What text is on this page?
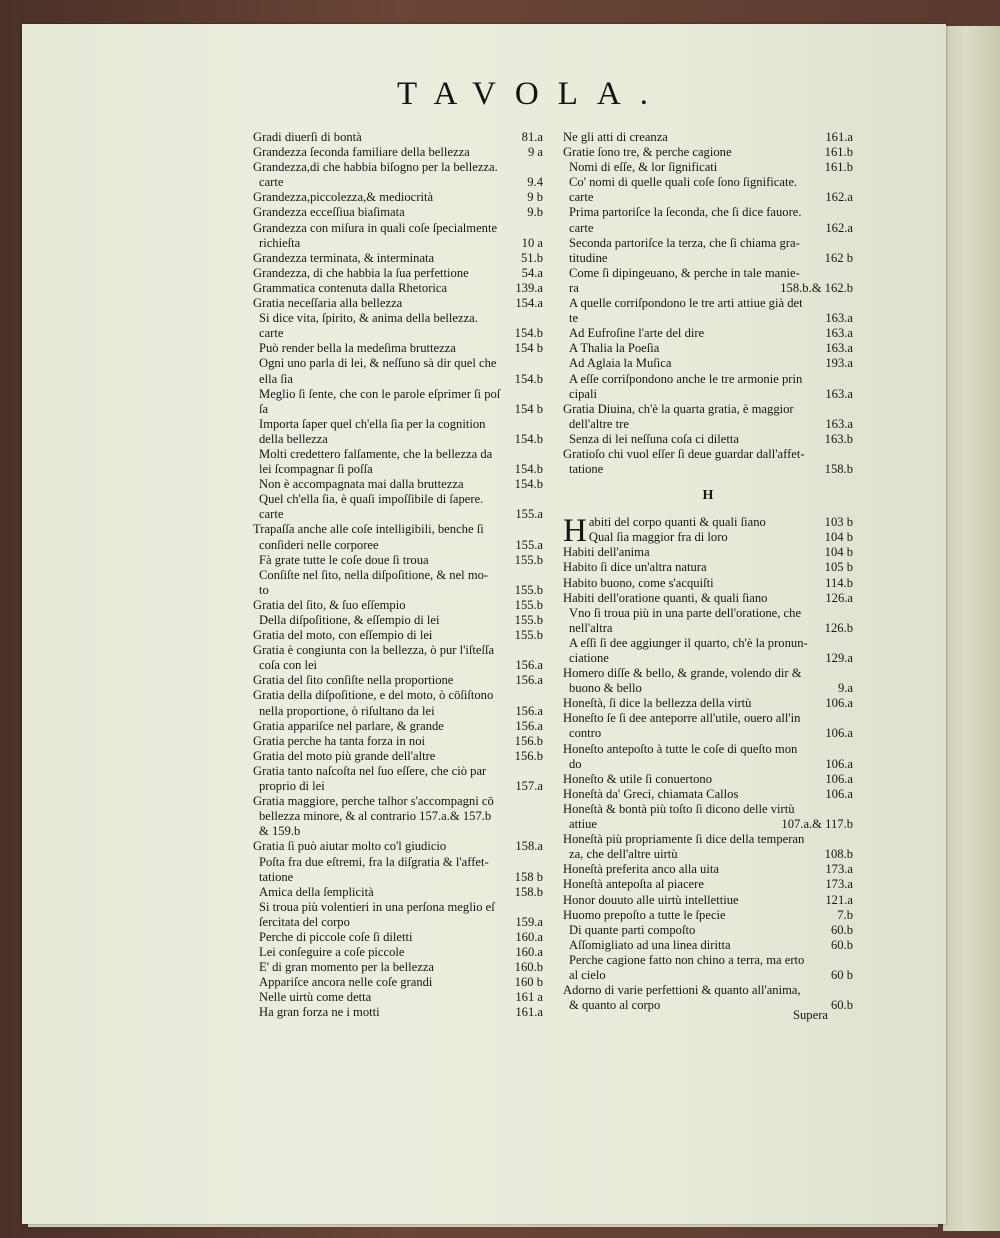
TAVOLA.
Gradi diuerſi di bontà	81.a
Grandezza ſeconda familiare della bellezza	9 a
Grandezza,di che habbia biſogno per la bellezza.
carte	9.4
Grandezza,piccolezza,& mediocrità	9 b
Grandezza ecceſſiua biaſimata	9.b
Grandezza con miſura in quali coſe ſpecialmente
richieſta	10 a
Grandezza terminata, & interminata	51.b
Grandezza, di che habbia la ſua perfettione	54.a
Grammatica contenuta dalla Rhetorica	139.a
Gratia neceſſaria alla bellezza	154.a
Si dice vita, ſpirito, & anima della bellezza.
carte	154.b
Può render bella la medeſima bruttezza	154 b
Ogni uno parla di lei, & neſſuno sà dir quel che
ella ſia	154.b
Meglio ſi ſente, che con le parole eſprimer ſi poſ
ſa	154 b
Importa ſaper quel ch'ella ſia per la cognition
della bellezza	154.b
Molti credettero falſamente, che la bellezza da
lei ſcompagnar ſi poſſa	154.b
Non è accompagnata mai dalla bruttezza	154.b
Quel ch'ella ſia, è quaſi impoſſibile di ſapere.
carte	155.a
Trapaſſa anche alle coſe intelligibili, benche ſi
conſideri nelle corporee	155.a
Fà grate tutte le coſe doue ſi troua	155.b
Conſiſte nel ſito, nella diſpoſitione, & nel mo-
to	155.b
Gratia del ſito, & ſuo eſſempio	155.b
Della diſpoſitione, & eſſempio di lei	155.b
Gratia del moto, con eſſempio di lei	155.b
Gratia è congiunta con la bellezza, ò pur l'iſteſſa
coſa con lei	156.a
Gratia del ſito conſiſte nella proportione	156.a
Gratia della diſpoſitione, e del moto, ò cōſiſtono
nella proportione, ò riſultano da lei	156.a
Gratia appariſce nel parlare, & grande	156.a
Gratia perche ha tanta forza in noi	156.b
Gratia del moto più grande dell'altre	156.b
Gratia tanto naſcoſta nel ſuo eſſere, che ciò par
proprio di lei	157.a
Gratia maggiore, perche talhor s'accompagni cō
bellezza minore, & al contrario 157.a.& 157.b
& 159.b
Gratia ſi può aiutar molto co'l giudicio	158.a
Poſta fra due eſtremi, fra la diſgratia & l'affet-
tatione	158 b
Amica della ſemplicità	158.b
Si troua più volentieri in una perſona meglio eſ
ſercitata del corpo	159.a
Perche di piccole coſe ſi diletti	160.a
Lei conſeguire a coſe piccole	160.a
E' di gran momento per la bellezza	160.b
Appariſce ancora nelle coſe grandi	160 b
Nelle uirtù come detta	161 a
Ha gran forza ne i motti	161.a
Ne gli atti di creanza	161.a
Gratie ſono tre, & perche cagione	161.b
Nomi di eſſe, & lor ſignificati	161.b
Co' nomi di quelle quali coſe ſono ſignificate.
carte	162.a
Prima partoriſce la ſeconda, che ſi dice fauore.
carte	162.a
Seconda partoriſce la terza, che ſi chiama gra-
titudine	162 b
Come ſi dipingeuano, & perche in tale manie-
ra	158.b.& 162.b
A quelle corriſpondono le tre arti attiue già det
te	163.a
Ad Eufroſine l'arte del dire	163.a
A Thalia la Poeſia	163.a
Ad Aglaia la Muſica	193.a
A eſſe corriſpondono anche le tre armonie prin
cipali	163.a
Gratia Diuina, ch'è la quarta gratia, è maggior
dell'altre tre	163.a
Senza di lei neſſuna coſa ci diletta	163.b
Gratioſo chi vuol eſſer ſi deue guardar dall'affet-
tatione	158.b
H
H abiti del corpo quanti & quali ſiano	103 b
Qual ſia maggior fra di loro	104 b
Habiti dell'anima	104 b
Habito ſi dice un'altra natura	105 b
Habito buono, come s'acquiſti	114.b
Habiti dell'oratione quanti, & quali ſiano	126.a
Vno ſi troua più in una parte dell'oratione, che
nell'altra	126.b
A eſſi ſi dee aggiunger il quarto, ch'è la pronun-
ciatione	129.a
Homero diſſe & bello, & grande, volendo dir &
buono & bello	9.a
Honeſtà, ſi dice la bellezza della virtù	106.a
Honeſto ſe ſi dee anteporre all'utile, ouero all'in
contro	106.a
Honeſto antepoſto à tutte le coſe di queſto mon
do	106.a
Honeſto & utile ſi conuertono	106.a
Honeſtà da' Greci, chiamata Callos	106.a
Honeſtà & bontà più toſto ſi dicono delle virtù
attiue	107.a.& 117.b
Honeſtà più propriamente ſi dice della temperan
za, che dell'altre uirtù	108.b
Honeſtà preferita anco alla uita	173.a
Honeſtà antepoſta al piacere	173.a
Honor douuto alle uirtù intellettiue	121.a
Huomo prepoſto a tutte le ſpecie	7.b
Di quante parti compoſto	60.b
Aſſomigliato ad una linea diritta	60.b
Perche cagione fatto non chino a terra, ma erto
al cielo	60 b
Adorno di varie perfettioni & quanto all'anima,
& quanto al corpo	60.b
Supera
